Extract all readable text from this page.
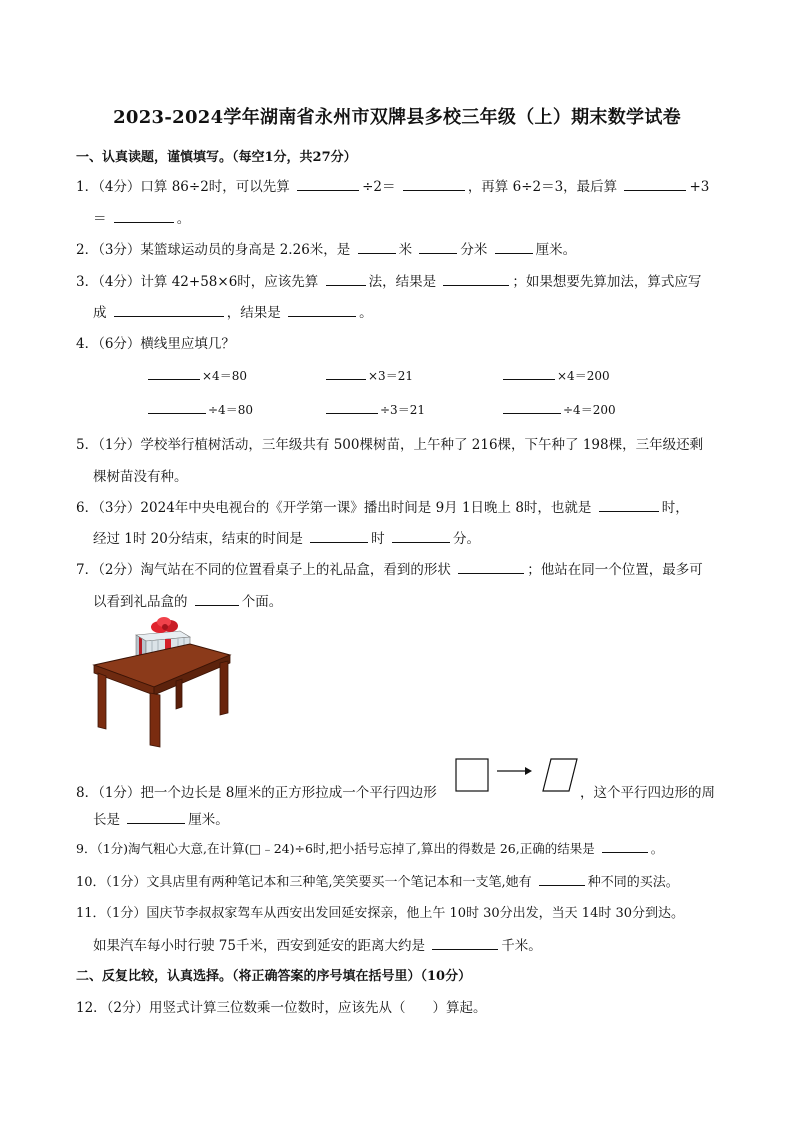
2023-2024学年湖南省永州市双牌县多校三年级（上）期末数学试卷
一、认真读题，谨慎填写。（每空1分，共27分）
1．（4分）口算 86÷2时，可以先算	÷2＝	，再算 6÷2＝3，最后算	+3
＝	。
2．（3分）某篮球运动员的身高是 2.26米，是	米	分米	厘米。
3．（4分）计算 42+58×6时，应该先算	法，结果是	；如果想要先算加法，算式应写
成	，结果是	。
4．（6分）横线里应填几？
×4＝80	×3＝21	×4＝200
÷4＝80	÷3＝21	÷4＝200
5．（1分）学校举行植树活动，三年级共有 500棵树苗，上午种了 216棵，下午种了 198棵，三年级还剩
棵树苗没有种。
6．（3分）2024年中央电视台的《开学第一课》播出时间是 9月 1日晚上 8时，也就是	时，
经过 1时 20分结束，结束的时间是	时	分。
7．（2分）淘气站在不同的位置看桌子上的礼品盒，看到的形状	；他站在同一个位置，最多可
以看到礼品盒的	个面。
8．（1分）把一个边长是 8厘米的正方形拉成一个平行四边形	，这个平行四边形的周
长是	厘米。
9．（1分)淘气粗心大意,在计算(□﹣24)÷6时,把小括号忘掉了,算出的得数是 26,正确的结果是	。
10．（1分）文具店里有两种笔记本和三种笔,笑笑要买一个笔记本和一支笔,她有	种不同的买法。
11．（1分）国庆节李叔叔家驾车从西安出发回延安探亲，他上午 10时 30分出发，当天 14时 30分到达。
如果汽车每小时行驶 75千米，西安到延安的距离大约是	千米。
二、反复比较，认真选择。（将正确答案的序号填在括号里）（10分）
12．（2分）用竖式计算三位数乘一位数时，应该先从（　　）算起。
